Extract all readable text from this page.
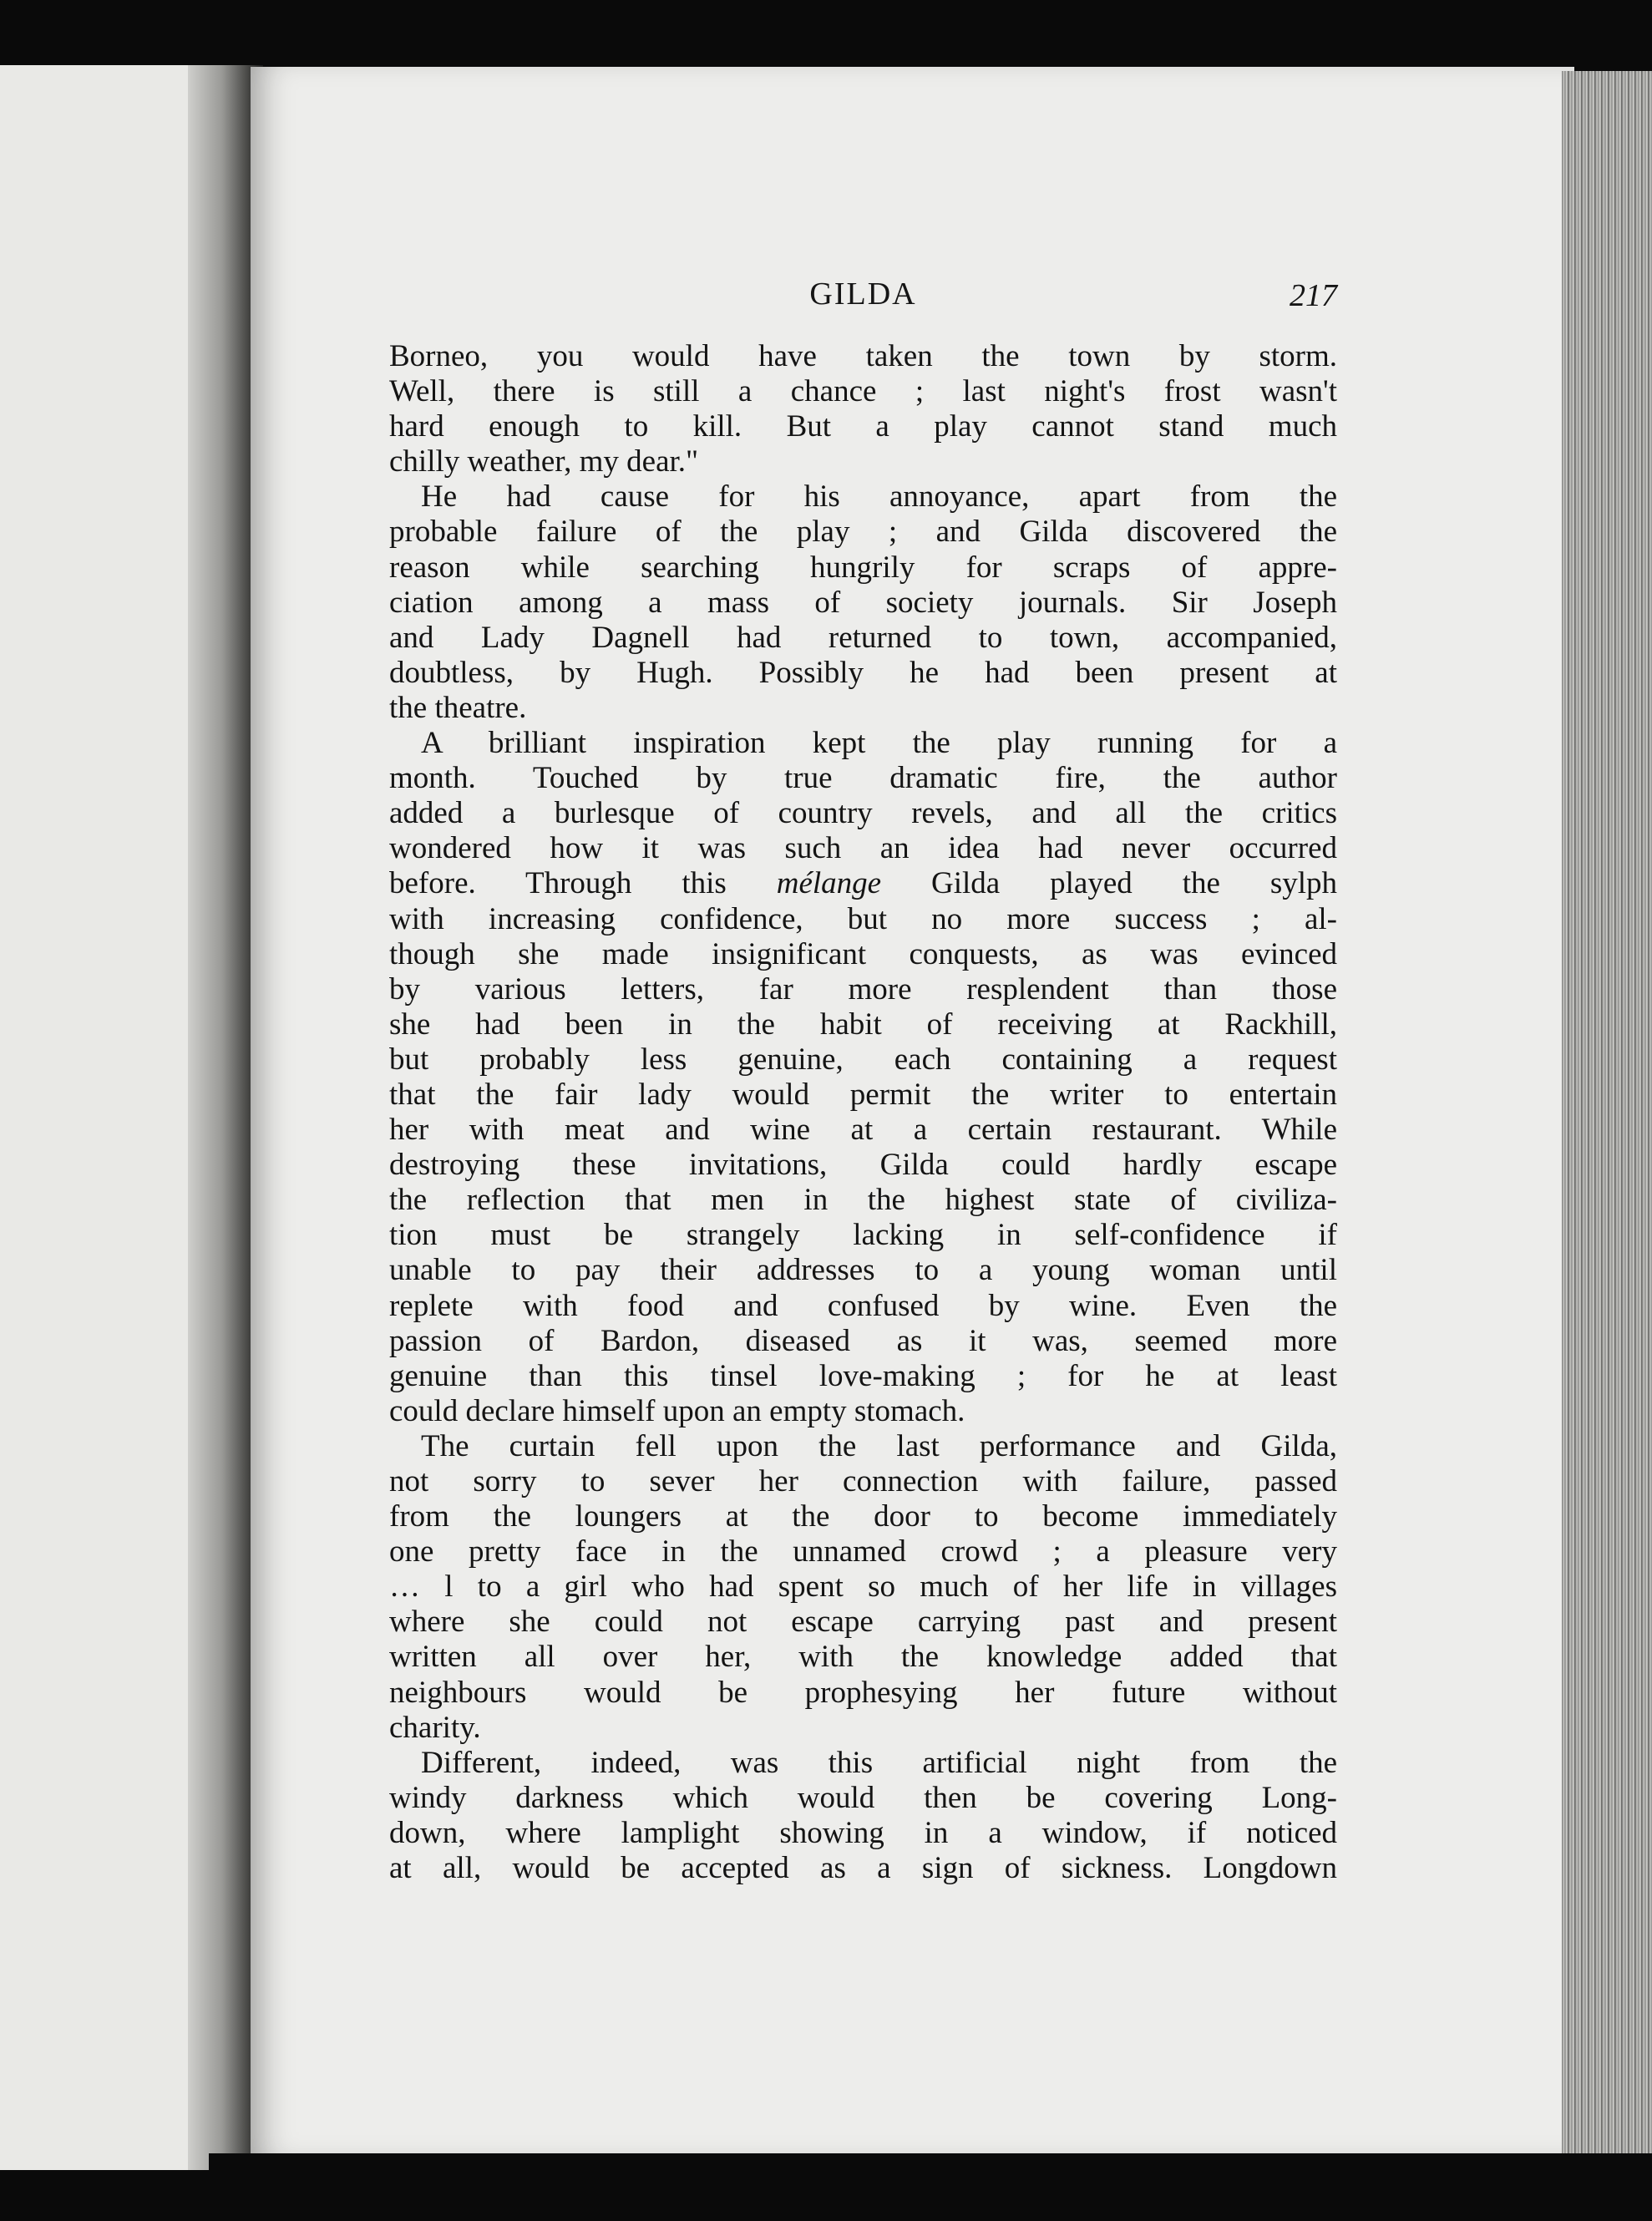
GILDA	217
Borneo, you would have taken the town by storm.
Well, there is still a chance ; last night's frost wasn't
hard enough to kill. But a play cannot stand much
chilly weather, my dear."
He had cause for his annoyance, apart from the
probable failure of the play ; and Gilda discovered the
reason while searching hungrily for scraps of appre-
ciation among a mass of society journals. Sir Joseph
and Lady Dagnell had returned to town, accompanied,
doubtless, by Hugh. Possibly he had been present at
the theatre.
A brilliant inspiration kept the play running for a
month. Touched by true dramatic fire, the author
added a burlesque of country revels, and all the critics
wondered how it was such an idea had never occurred
before. Through this mélange Gilda played the sylph
with increasing confidence, but no more success ; al-
though she made insignificant conquests, as was evinced
by various letters, far more resplendent than those
she had been in the habit of receiving at Rackhill,
but probably less genuine, each containing a request
that the fair lady would permit the writer to entertain
her with meat and wine at a certain restaurant. While
destroying these invitations, Gilda could hardly escape
the reflection that men in the highest state of civiliza-
tion must be strangely lacking in self-confidence if
unable to pay their addresses to a young woman until
replete with food and confused by wine. Even the
passion of Bardon, diseased as it was, seemed more
genuine than this tinsel love-making ; for he at least
could declare himself upon an empty stomach.
The curtain fell upon the last performance and Gilda,
not sorry to sever her connection with failure, passed
from the loungers at the door to become immediately
one pretty face in the unnamed crowd ; a pleasure very
… l to a girl who had spent so much of her life in villages
where she could not escape carrying past and present
written all over her, with the knowledge added that
neighbours would be prophesying her future without
charity.
Different, indeed, was this artificial night from the
windy darkness which would then be covering Long-
down, where lamplight showing in a window, if noticed
at all, would be accepted as a sign of sickness. Longdown
